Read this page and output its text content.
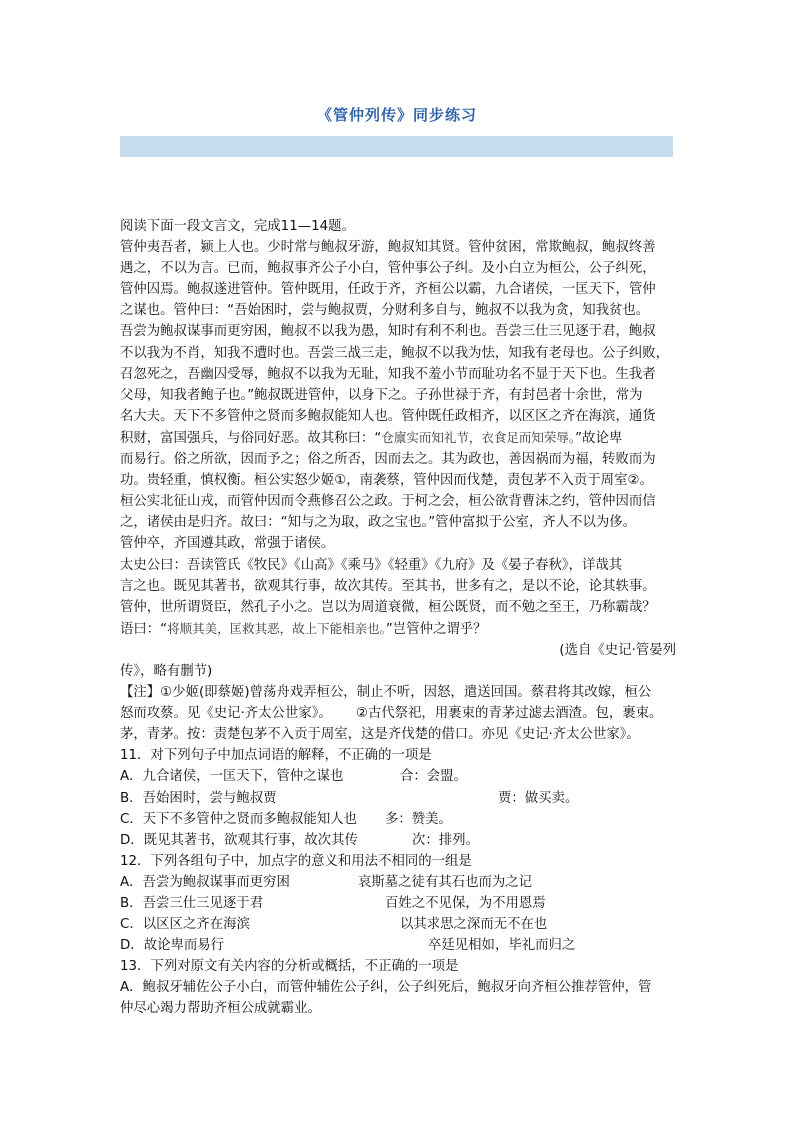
《管仲列传》同步练习
阅读下面一段文言文，完成11—14题。
管仲夷吾者，颍上人也。少时常与鲍叔牙游，鲍叔知其贤。管仲贫困，常欺鲍叔，鲍叔终善
遇之，不以为言。已而，鲍叔事齐公子小白，管仲事公子纠。及小白立为桓公，公子纠死，
管仲囚焉。鲍叔遂进管仲。管仲既用，任政于齐，齐桓公以霸，九合诸侯，一匡天下，管仲
之谋也。管仲曰：“吾始困时，尝与鲍叔贾，分财利多自与，鲍叔不以我为贪，知我贫也。
吾尝为鲍叔谋事而更穷困，鲍叔不以我为愚，知时有利不利也。吾尝三仕三见逐于君，鲍叔
不以我为不肖，知我不遭时也。吾尝三战三走，鲍叔不以我为怯，知我有老母也。公子纠败，
召忽死之，吾幽囚受辱，鲍叔不以我为无耻，知我不羞小节而耻功名不显于天下也。生我者
父母，知我者鲍子也。”鲍叔既进管仲，以身下之。子孙世禄于齐，有封邑者十余世，常为
名大夫。天下不多管仲之贤而多鲍叔能知人也。管仲既任政相齐，以区区之齐在海滨，通货
积财，富国强兵，与俗同好恶。故其称曰：“仓廪实而知礼节，衣食足而知荣辱。”故论卑
而易行。俗之所欲，因而予之；俗之所否，因而去之。其为政也，善因祸而为福，转败而为
功。贵轻重，慎权衡。桓公实怒少姬①，南袭蔡，管仲因而伐楚，责包茅不入贡于周室②。
桓公实北征山戎，而管仲因而令燕修召公之政。于柯之会，桓公欲背曹沫之约，管仲因而信
之，诸侯由是归齐。故曰：“知与之为取，政之宝也。”管仲富拟于公室，齐人不以为侈。
管仲卒，齐国遵其政，常强于诸侯。
太史公曰：吾读管氏《牧民》《山高》《乘马》《轻重》《九府》及《晏子春秋》，详哉其
言之也。既见其著书，欲观其行事，故次其传。至其书，世多有之，是以不论，论其轶事。
管仲，世所谓贤臣，然孔子小之。岂以为周道衰微，桓公既贤，而不勉之至王，乃称霸哉？
语曰：“将顺其美，匡救其恶，故上下能相亲也。”岂管仲之谓乎？
(选自《史记·管晏列
传》，略有删节)
【注】①少姬(即蔡姬)曾荡舟戏弄桓公，制止不听，因怒，遣送回国。蔡君将其改嫁，桓公
怒而攻蔡。见《史记·齐太公世家》。 ②古代祭祀，用裹束的青茅过滤去酒渣。包，裹束。
茅，青茅。按：责楚包茅不入贡于周室，这是齐伐楚的借口。亦见《史记·齐太公世家》。
11．对下列句子中加点词语的解释，不正确的一项是
A．九合诸侯，一匡天下，管仲之谋也	合：会盟。
B．吾始困时，尝与鲍叔贾	贾：做买卖。
C．天下不多管仲之贤而多鲍叔能知人也 多：赞美。
D．既见其著书，欲观其行事，故次其传	次：排列。
12．下列各组句子中，加点字的意义和用法不相同的一组是
A．吾尝为鲍叔谋事而更穷困	哀斯墓之徒有其石也而为之记
B．吾尝三仕三见逐于君	百姓之不见保，为不用恩焉
C．以区区之齐在海滨	以其求思之深而无不在也
D．故论卑而易行	卒廷见相如，毕礼而归之
13．下列对原文有关内容的分析或概括，不正确的一项是
A．鲍叔牙辅佐公子小白，而管仲辅佐公子纠，公子纠死后，鲍叔牙向齐桓公推荐管仲，管
仲尽心竭力帮助齐桓公成就霸业。
